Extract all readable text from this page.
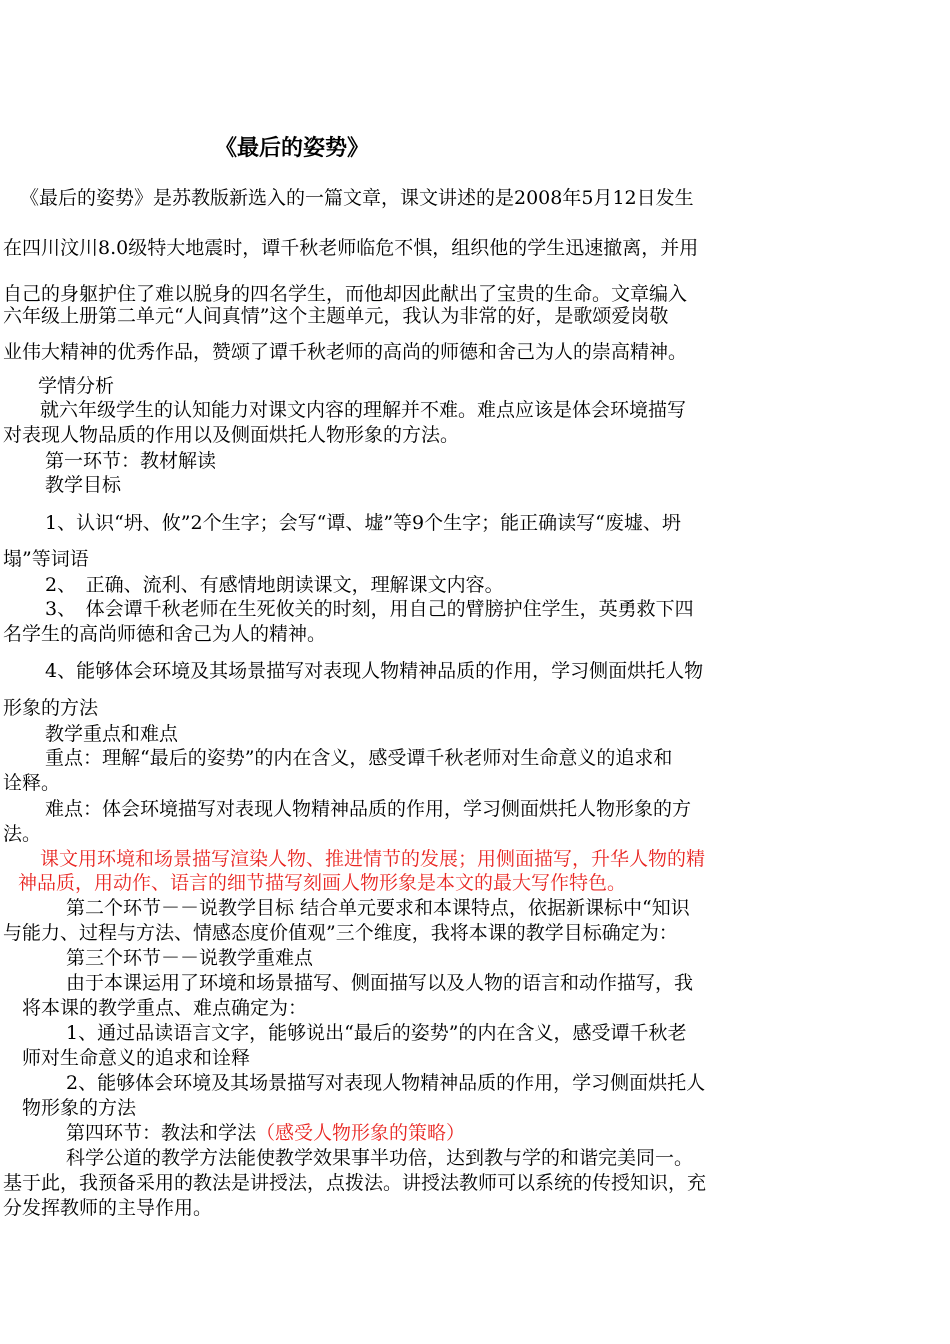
《最后的姿势》
《最后的姿势》是苏教版新选入的一篇文章，课文讲述的是2008年5月12日发生
在四川汶川8.0级特大地震时，谭千秋老师临危不惧，组织他的学生迅速撤离，并用
自己的身躯护住了难以脱身的四名学生，而他却因此献出了宝贵的生命。文章编入
六年级上册第二单元“人间真情”这个主题单元，我认为非常的好，是歌颂爱岗敬
业伟大精神的优秀作品，赞颂了谭千秋老师的高尚的师德和舍己为人的崇高精神。
学情分析
就六年级学生的认知能力对课文内容的理解并不难。难点应该是体会环境描写
对表现人物品质的作用以及侧面烘托人物形象的方法。
第一环节：教材解读
教学目标
1、认识“坍、攸”2个生字；会写“谭、墟”等9个生字；能正确读写“废墟、坍
塌”等词语
2、　正确、流利、有感情地朗读课文，理解课文内容。
3、　体会谭千秋老师在生死攸关的时刻，用自己的臂膀护住学生，英勇救下四
名学生的高尚师德和舍己为人的精神。
4、能够体会环境及其场景描写对表现人物精神品质的作用，学习侧面烘托人物
形象的方法
教学重点和难点
重点：理解“最后的姿势”的内在含义，感受谭千秋老师对生命意义的追求和
诠释。
难点：体会环境描写对表现人物精神品质的作用，学习侧面烘托人物形象的方
法。
课文用环境和场景描写渲染人物、推进情节的发展；用侧面描写，升华人物的精
神品质，用动作、语言的细节描写刻画人物形象是本文的最大写作特色。
第二个环节－－说教学目标 结合单元要求和本课特点，依据新课标中“知识
与能力、过程与方法、情感态度价值观”三个维度，我将本课的教学目标确定为：
第三个环节－－说教学重难点
由于本课运用了环境和场景描写、侧面描写以及人物的语言和动作描写，我
将本课的教学重点、难点确定为：
1、通过品读语言文字，能够说出“最后的姿势”的内在含义，感受谭千秋老
师对生命意义的追求和诠释
2、能够体会环境及其场景描写对表现人物精神品质的作用，学习侧面烘托人
物形象的方法
第四环节：教法和学法（感受人物形象的策略）
科学公道的教学方法能使教学效果事半功倍，达到教与学的和谐完美同一。
基于此，我预备采用的教法是讲授法，点拨法。讲授法教师可以系统的传授知识，充
分发挥教师的主导作用。
